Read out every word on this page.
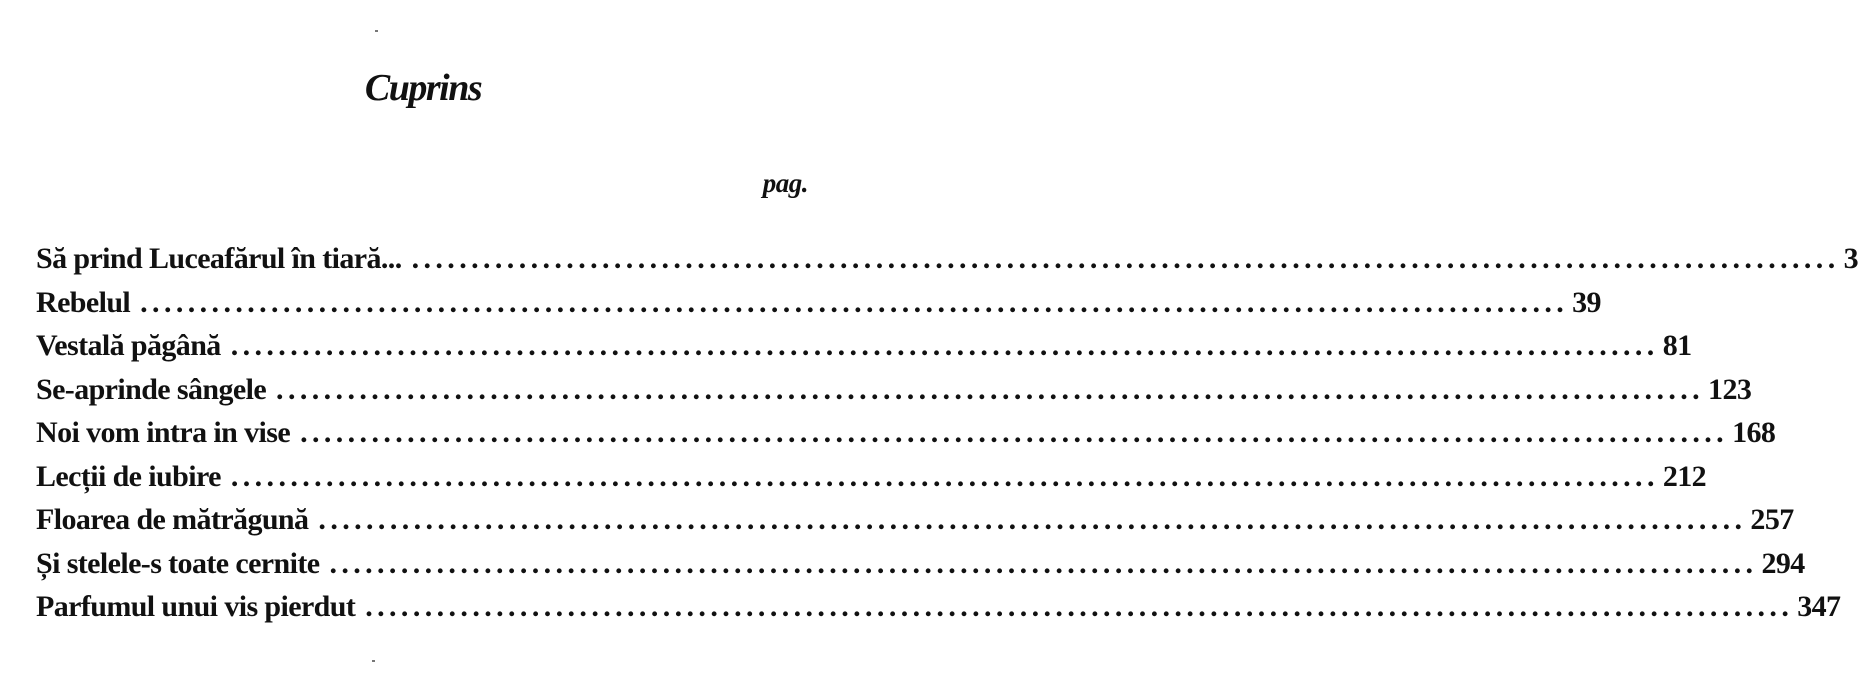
Cuprins
pag.
Să prind Luceafărul în tiară... ........................................................................................................................ 3
Rebelul ........................................................................................................................ 39
Vestală păgână ........................................................................................................................ 81
Se-aprinde sângele ........................................................................................................................ 123
Noi vom intra in vise ........................................................................................................................ 168
Lecții de iubire ........................................................................................................................ 212
Floarea de mătrăgună ........................................................................................................................ 257
Și stelele-s toate cernite ........................................................................................................................ 294
Parfumul unui vis pierdut ........................................................................................................................ 347
